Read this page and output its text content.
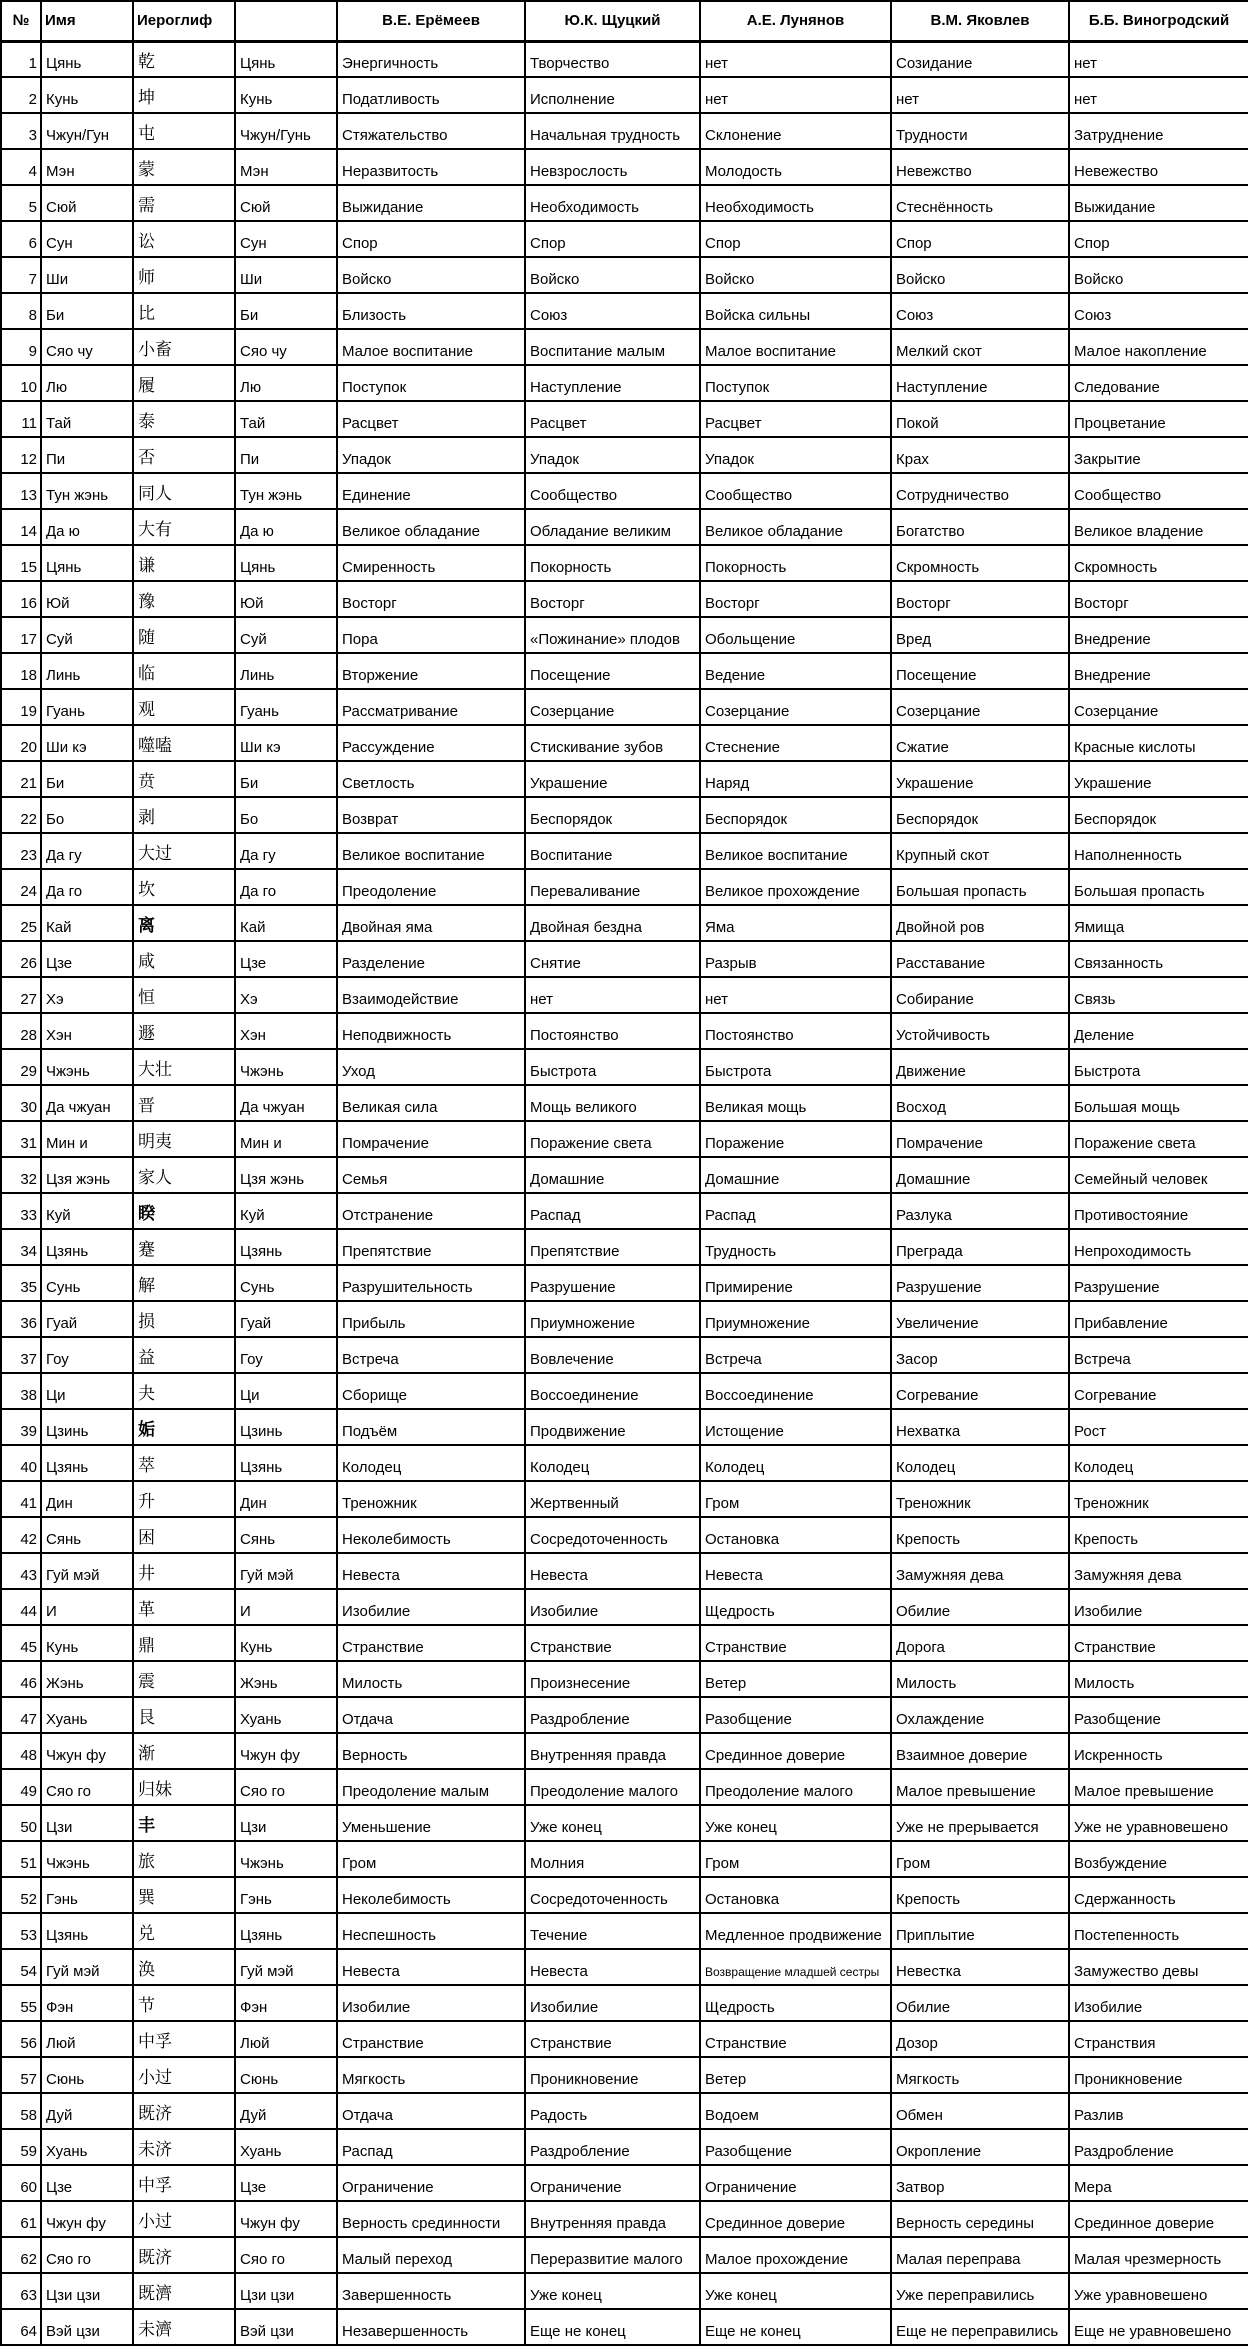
№	Имя	Иероглиф		В.Е. Ерёмеев	Ю.К. Щуцкий	А.Е. Лунянов	В.М. Яковлев	Б.Б. Виногродский

1	Цянь	乾	Цянь	Энергичность	Творчество	нет	Созидание	нет

2	Кунь	坤	Кунь	Податливость	Исполнение	нет	нет	нет

3	Чжун/Гун	屯	Чжун/Гунь	Стяжательство	Начальная трудность	Склонение	Трудности	Затруднение

4	Мэн	蒙	Мэн	Неразвитость	Невзрослость	Молодость	Невежство	Невежество

5	Сюй	需	Сюй	Выжидание	Необходимость	Необходимость	Стеснённость	Выжидание

6	Сун	讼	Сун	Спор	Спор	Спор	Спор	Спор

7	Ши	师	Ши	Войско	Войско	Войско	Войско	Войско

8	Би	比	Би	Близость	Союз	Войска сильны	Союз	Союз

9	Сяо чу	小畜	Сяо чу	Малое воспитание	Воспитание малым	Малое воспитание	Мелкий скот	Малое накопление

10	Лю	履	Лю	Поступок	Наступление	Поступок	Наступление	Следование

11	Тай	泰	Тай	Расцвет	Расцвет	Расцвет	Покой	Процветание

12	Пи	否	Пи	Упадок	Упадок	Упадок	Крах	Закрытие

13	Тун жэнь	同人	Тун жэнь	Единение	Сообщество	Сообщество	Сотрудничество	Сообщество

14	Да ю	大有	Да ю	Великое обладание	Обладание великим	Великое обладание	Богатство	Великое владение

15	Цянь	谦	Цянь	Смиренность	Покорность	Покорность	Скромность	Скромность

16	Юй	豫	Юй	Восторг	Восторг	Восторг	Восторг	Восторг

17	Суй	随	Суй	Пора	«Пожинание» плодов	Обольщение	Вред	Внедрение

18	Линь	临	Линь	Вторжение	Посещение	Ведение	Посещение	Внедрение

19	Гуань	观	Гуань	Рассматривание	Созерцание	Созерцание	Созерцание	Созерцание

20	Ши кэ	噬嗑	Ши кэ	Рассуждение	Стискивание зубов	Стеснение	Сжатие	Красные кислоты

21	Би	贲	Би	Светлость	Украшение	Наряд	Украшение	Украшение

22	Бо	剥	Бо	Возврат	Беспорядок	Беспорядок	Беспорядок	Беспорядок

23	Да гу	大过	Да гу	Великое воспитание	Воспитание	Великое воспитание	Крупный скот	Наполненность

24	Да го	坎	Да го	Преодоление	Переваливание	Великое прохождение	Большая пропасть	Большая пропасть

25	Кай	离	Кай	Двойная яма	Двойная бездна	Яма	Двойной ров	Ямища

26	Цзе	咸	Цзе	Разделение	Снятие	Разрыв	Расставание	Связанность

27	Хэ	恒	Хэ	Взаимодействие	нет	нет	Собирание	Связь

28	Хэн	遯	Хэн	Неподвижность	Постоянство	Постоянство	Устойчивость	Деление

29	Чжэнь	大壮	Чжэнь	Уход	Быстрота	Быстрота	Движение	Быстрота

30	Да чжуан	晋	Да чжуан	Великая сила	Мощь великого	Великая мощь	Восход	Большая мощь

31	Мин и	明夷	Мин и	Помрачение	Поражение света	Поражение	Помрачение	Поражение света

32	Цзя жэнь	家人	Цзя жэнь	Семья	Домашние	Домашние	Домашние	Семейный человек

33	Куй	睽	Куй	Отстранение	Распад	Распад	Разлука	Противостояние

34	Цзянь	蹇	Цзянь	Препятствие	Препятствие	Трудность	Преграда	Непроходимость

35	Сунь	解	Сунь	Разрушительность	Разрушение	Примирение	Разрушение	Разрушение

36	Гуай	损	Гуай	Прибыль	Приумножение	Приумножение	Увеличение	Прибавление

37	Гоу	益	Гоу	Встреча	Вовлечение	Встреча	Засор	Встреча

38	Ци	夬	Ци	Сборище	Воссоединение	Воссоединение	Согревание	Согревание

39	Цзинь	姤	Цзинь	Подъём	Продвижение	Истощение	Нехватка	Рост

40	Цзянь	萃	Цзянь	Колодец	Колодец	Колодец	Колодец	Колодец

41	Дин	升	Дин	Треножник	Жертвенный	Гром	Треножник	Треножник

42	Сянь	困	Сянь	Неколебимость	Сосредоточенность	Остановка	Крепость	Крепость

43	Гуй мэй	井	Гуй мэй	Невеста	Невеста	Невеста	Замужняя дева	Замужняя дева

44	И	革	И	Изобилие	Изобилие	Щедрость	Обилие	Изобилие

45	Кунь	鼎	Кунь	Странствие	Странствие	Странствие	Дорога	Странствие

46	Жэнь	震	Жэнь	Милость	Произнесение	Ветер	Милость	Милость

47	Хуань	艮	Хуань	Отдача	Раздробление	Разобщение	Охлаждение	Разобщение

48	Чжун фу	渐	Чжун фу	Верность	Внутренняя правда	Срединное доверие	Взаимное доверие	Искренность

49	Сяо го	归妹	Сяо го	Преодоление малым	Преодоление малого	Преодоление малого	Малое превышение	Малое превышение

50	Цзи	丰	Цзи	Уменьшение	Уже конец	Уже конец	Уже не прерывается	Уже не уравновешено

51	Чжэнь	旅	Чжэнь	Гром	Молния	Гром	Гром	Возбуждение

52	Гэнь	巽	Гэнь	Неколебимость	Сосредоточенность	Остановка	Крепость	Сдержанность

53	Цзянь	兑	Цзянь	Неспешность	Течение	Медленное продвижение	Приплытие	Постепенность

54	Гуй мэй	涣	Гуй мэй	Невеста	Невеста	Возвращение младшей сестры	Невестка	Замужество девы

55	Фэн	节	Фэн	Изобилие	Изобилие	Щедрость	Обилие	Изобилие

56	Люй	中孚	Люй	Странствие	Странствие	Странствие	Дозор	Странствия

57	Сюнь	小过	Сюнь	Мягкость	Проникновение	Ветер	Мягкость	Проникновение

58	Дуй	既济	Дуй	Отдача	Радость	Водоем	Обмен	Разлив

59	Хуань	未济	Хуань	Распад	Раздробление	Разобщение	Окропление	Раздробление

60	Цзе	中孚	Цзе	Ограничение	Ограничение	Ограничение	Затвор	Мера

61	Чжун фу	小过	Чжун фу	Верность срединности	Внутренняя правда	Срединное доверие	Верность середины	Срединное доверие

62	Сяо го	既济	Сяо го	Малый переход	Переразвитие малого	Малое прохождение	Малая переправа	Малая чрезмерность

63	Цзи цзи	既濟	Цзи цзи	Завершенность	Уже конец	Уже конец	Уже переправились	Уже уравновешено

64	Вэй цзи	未濟	Вэй цзи	Незавершенность	Еще не конец	Еще не конец	Еще не переправились	Еще не уравновешено
